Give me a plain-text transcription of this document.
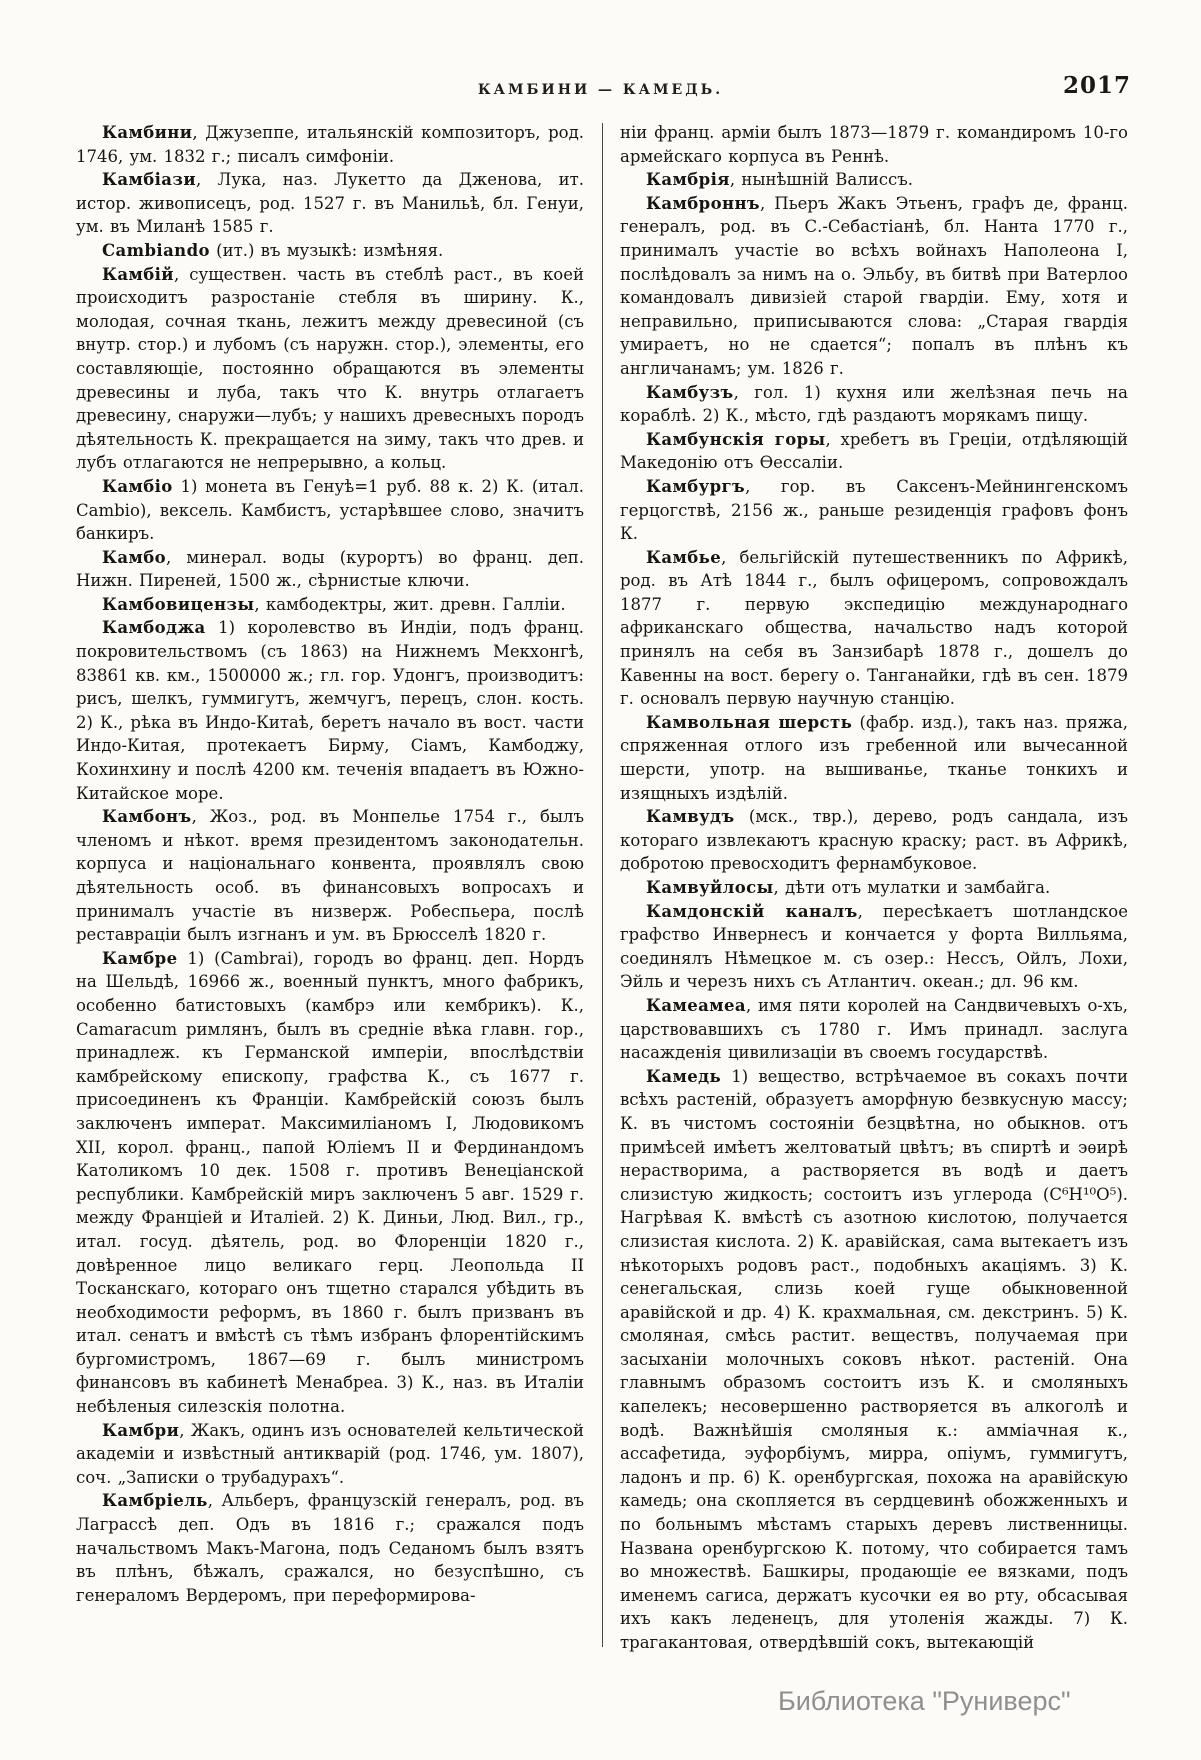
КАМБИНИ — КАМЕДЬ.	2017

Камбини, Джузеппе, итальянскій композиторъ, род. 1746, ум. 1832 г.; писалъ симфоніи.

Камбіази, Лука, наз. Лукетто да Дженова, ит. истор. живописецъ, род. 1527 г. въ Манильѣ, бл. Генуи, ум. въ Миланѣ 1585 г.

Cambiando (ит.) въ музыкѣ: измѣняя.

Камбій, существен. часть въ стеблѣ раст., въ коей происходитъ разростаніе стебля въ ширину. К., молодая, сочная ткань, лежитъ между древесиной (съ внутр. стор.) и лубомъ (съ наружн. стор.), элементы, его составляющіе, постоянно обращаются въ элементы древесины и луба, такъ что К. внутрь отлагаетъ древесину, снаружи—лубъ; у нашихъ древесныхъ породъ дѣятельность К. прекращается на зиму, такъ что древ. и лубъ отлагаются не непрерывно, а кольц.

Камбіо 1) монета въ Генуѣ=1 руб. 88 к. 2) К. (итал. Cambio), вексель. Камбистъ, устарѣвшее слово, значитъ банкиръ.

Камбо, минерал. воды (курортъ) во франц. деп. Нижн. Пиреней, 1500 ж., сѣрнистые ключи.

Камбовицензы, камбодектры, жит. древн. Галліи.

Камбоджа 1) королевство въ Индіи, подъ франц. покровительствомъ (съ 1863) на Нижнемъ Мекхонгѣ, 83861 кв. км., 1500000 ж.; гл. гор. Удонгъ, производитъ: рисъ, шелкъ, гуммигутъ, жемчугъ, перецъ, слон. кость. 2) К., рѣка въ Индо-Китаѣ, беретъ начало въ вост. части Индо-Китая, протекаетъ Бирму, Сіамъ, Камбоджу, Кохинхину и послѣ 4200 км. теченія впадаетъ въ Южно-Китайское море.

Камбонъ, Жоз., род. въ Монпелье 1754 г., былъ членомъ и нѣкот. время президентомъ законодательн. корпуса и національнаго конвента, проявлялъ свою дѣятельность особ. въ финансовыхъ вопросахъ и принималъ участіе въ низверж. Робеспьера, послѣ реставраціи былъ изгнанъ и ум. въ Брюсселѣ 1820 г.

Камбре 1) (Cambrai), городъ во франц. деп. Нордъ на Шельдѣ, 16966 ж., военный пунктъ, много фабрикъ, особенно батистовыхъ (камбрэ или кембрикъ). К., Camaracum римлянъ, былъ въ средніе вѣка главн. гор., принадлеж. къ Германской имперіи, впослѣдствіи камбрейскому епископу, графства К., съ 1677 г. присоединенъ къ Франціи. Камбрейскій союзъ былъ заключенъ императ. Максимиліаномъ I, Людовикомъ XII, корол. франц., папой Юліемъ II и Фердинандомъ Католикомъ 10 дек. 1508 г. противъ Венеціанской республики. Камбрейскій миръ заключенъ 5 авг. 1529 г. между Франціей и Италіей. 2) К. Диньи, Люд. Вил., гр., итал. госуд. дѣятель, род. во Флоренціи 1820 г., довѣренное лицо великаго герц. Леопольда II Тосканскаго, котораго онъ тщетно старался убѣдить въ необходимости реформъ, въ 1860 г. былъ призванъ въ итал. сенатъ и вмѣстѣ съ тѣмъ избранъ флорентійскимъ бургомистромъ, 1867—69 г. былъ министромъ финансовъ въ кабинетѣ Менабреа. 3) К., наз. въ Италіи небѣленыя силезскія полотна.

Камбри, Жакъ, одинъ изъ основателей кельтической академіи и извѣстный антикварій (род. 1746, ум. 1807), соч. „Записки о трубадурахъ“.

Камбріель, Альберъ, французскій генералъ, род. въ Лаграссѣ деп. Одъ въ 1816 г.; сражался подъ начальствомъ Макъ-Магона, подъ Седаномъ былъ взятъ въ плѣнъ, бѣжалъ, сражался, но безуспѣшно, съ генераломъ Вердеромъ, при переформирова-

ніи франц. арміи былъ 1873—1879 г. командиромъ 10-го армейскаго корпуса въ Реннѣ.

Камбрія, нынѣшній Валиссъ.

Камброннъ, Пьеръ Жакъ Этьенъ, графъ де, франц. генералъ, род. въ С.-Себастіанѣ, бл. Нанта 1770 г., принималъ участіе во всѣхъ войнахъ Наполеона I, послѣдовалъ за нимъ на о. Эльбу, въ битвѣ при Ватерлоо командовалъ дивизіей старой гвардіи. Ему, хотя и неправильно, приписываются слова: „Старая гвардія умираетъ, но не сдается“; попалъ въ плѣнъ къ англичанамъ; ум. 1826 г.

Камбузъ, гол. 1) кухня или желѣзная печь на кораблѣ. 2) К., мѣсто, гдѣ раздаютъ морякамъ пищу.

Камбунскія горы, хребетъ въ Греціи, отдѣляющій Македонію отъ Ѳессаліи.

Камбургъ, гор. въ Саксенъ-Мейнингенскомъ герцогствѣ, 2156 ж., раньше резиденція графовъ фонъ К.

Камбье, бельгійскій путешественникъ по Африкѣ, род. въ Атѣ 1844 г., былъ офицеромъ, сопровождалъ 1877 г. первую экспедицію международнаго африканскаго общества, начальство надъ которой принялъ на себя въ Занзибарѣ 1878 г., дошелъ до Кавенны на вост. берегу о. Танганайки, гдѣ въ сен. 1879 г. основалъ первую научную станцію.

Камвольная шерсть (фабр. изд.), такъ наз. пряжа, спряженная отлого изъ гребенной или вычесанной шерсти, употр. на вышиванье, тканье тонкихъ и изящныхъ издѣлій.

Камвудъ (мск., твр.), дерево, родъ сандала, изъ котораго извлекаютъ красную краску; раст. въ Африкѣ, добротою превосходитъ фернамбуковое.

Камвуйлосы, дѣти отъ мулатки и замбайга.

Камдонскій каналъ, пересѣкаетъ шотландское графство Инвернесъ и кончается у форта Вилльяма, соединялъ Нѣмецкое м. съ озер.: Нессъ, Ойлъ, Лохи, Эйль и черезъ нихъ съ Атлантич. океан.; дл. 96 км.

Камеамеа, имя пяти королей на Сандвичевыхъ о-хъ, царствовавшихъ съ 1780 г. Имъ принадл. заслуга насажденія цивилизаціи въ своемъ государствѣ.

Камедь 1) вещество, встрѣчаемое въ сокахъ почти всѣхъ растеній, образуетъ аморфную безвкусную массу; К. въ чистомъ состояніи безцвѣтна, но обыкнов. отъ примѣсей имѣетъ желтоватый цвѣтъ; въ спиртѣ и эѳирѣ нерастворима, а растворяется въ водѣ и даетъ слизистую жидкость; состоитъ изъ углерода (C⁶H¹⁰O⁵). Нагрѣвая К. вмѣстѣ съ азотною кислотою, получается слизистая кислота. 2) К. аравійская, сама вытекаетъ изъ нѣкоторыхъ родовъ раст., подобныхъ акаціямъ. 3) К. сенегальская, слизь коей гуще обыкновенной аравійской и др. 4) К. крахмальная, см. декстринъ. 5) К. смоляная, смѣсь растит. веществъ, получаемая при засыханіи молочныхъ соковъ нѣкот. растеній. Она главнымъ образомъ состоитъ изъ К. и смоляныхъ капелекъ; несовершенно растворяется въ алкоголѣ и водѣ. Важнѣйшія смоляныя к.: амміачная к., ассафетида, эуфорбіумъ, мирра, опіумъ, гуммигутъ, ладонъ и пр. 6) К. оренбургская, похожа на аравійскую камедь; она скопляется въ сердцевинѣ обожженныхъ и по больнымъ мѣстамъ старыхъ деревъ лиственницы. Названа оренбургскою К. потому, что собирается тамъ во множествѣ. Башкиры, продающіе ее вязками, подъ именемъ сагиса, держатъ кусочки ея во рту, обсасывая ихъ какъ леденецъ, для утоленія жажды. 7) К. трагакантовая, отвердѣвшій сокъ, вытекающій

Библиотека "Руниверс"
